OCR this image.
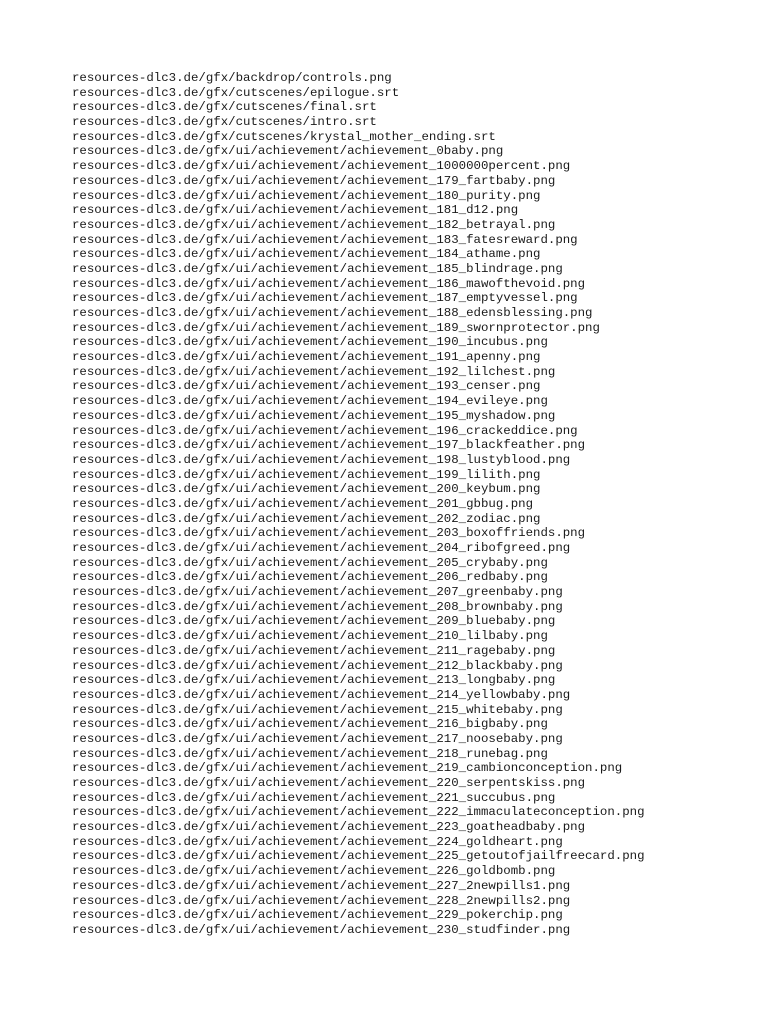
resources-dlc3.de/gfx/backdrop/controls.png
resources-dlc3.de/gfx/cutscenes/epilogue.srt
resources-dlc3.de/gfx/cutscenes/final.srt
resources-dlc3.de/gfx/cutscenes/intro.srt
resources-dlc3.de/gfx/cutscenes/krystal_mother_ending.srt
resources-dlc3.de/gfx/ui/achievement/achievement_0baby.png
resources-dlc3.de/gfx/ui/achievement/achievement_1000000percent.png
resources-dlc3.de/gfx/ui/achievement/achievement_179_fartbaby.png
resources-dlc3.de/gfx/ui/achievement/achievement_180_purity.png
resources-dlc3.de/gfx/ui/achievement/achievement_181_d12.png
resources-dlc3.de/gfx/ui/achievement/achievement_182_betrayal.png
resources-dlc3.de/gfx/ui/achievement/achievement_183_fatesreward.png
resources-dlc3.de/gfx/ui/achievement/achievement_184_athame.png
resources-dlc3.de/gfx/ui/achievement/achievement_185_blindrage.png
resources-dlc3.de/gfx/ui/achievement/achievement_186_mawofthevoid.png
resources-dlc3.de/gfx/ui/achievement/achievement_187_emptyvessel.png
resources-dlc3.de/gfx/ui/achievement/achievement_188_edensblessing.png
resources-dlc3.de/gfx/ui/achievement/achievement_189_swornprotector.png
resources-dlc3.de/gfx/ui/achievement/achievement_190_incubus.png
resources-dlc3.de/gfx/ui/achievement/achievement_191_apenny.png
resources-dlc3.de/gfx/ui/achievement/achievement_192_lilchest.png
resources-dlc3.de/gfx/ui/achievement/achievement_193_censer.png
resources-dlc3.de/gfx/ui/achievement/achievement_194_evileye.png
resources-dlc3.de/gfx/ui/achievement/achievement_195_myshadow.png
resources-dlc3.de/gfx/ui/achievement/achievement_196_crackeddice.png
resources-dlc3.de/gfx/ui/achievement/achievement_197_blackfeather.png
resources-dlc3.de/gfx/ui/achievement/achievement_198_lustyblood.png
resources-dlc3.de/gfx/ui/achievement/achievement_199_lilith.png
resources-dlc3.de/gfx/ui/achievement/achievement_200_keybum.png
resources-dlc3.de/gfx/ui/achievement/achievement_201_gbbug.png
resources-dlc3.de/gfx/ui/achievement/achievement_202_zodiac.png
resources-dlc3.de/gfx/ui/achievement/achievement_203_boxoffriends.png
resources-dlc3.de/gfx/ui/achievement/achievement_204_ribofgreed.png
resources-dlc3.de/gfx/ui/achievement/achievement_205_crybaby.png
resources-dlc3.de/gfx/ui/achievement/achievement_206_redbaby.png
resources-dlc3.de/gfx/ui/achievement/achievement_207_greenbaby.png
resources-dlc3.de/gfx/ui/achievement/achievement_208_brownbaby.png
resources-dlc3.de/gfx/ui/achievement/achievement_209_bluebaby.png
resources-dlc3.de/gfx/ui/achievement/achievement_210_lilbaby.png
resources-dlc3.de/gfx/ui/achievement/achievement_211_ragebaby.png
resources-dlc3.de/gfx/ui/achievement/achievement_212_blackbaby.png
resources-dlc3.de/gfx/ui/achievement/achievement_213_longbaby.png
resources-dlc3.de/gfx/ui/achievement/achievement_214_yellowbaby.png
resources-dlc3.de/gfx/ui/achievement/achievement_215_whitebaby.png
resources-dlc3.de/gfx/ui/achievement/achievement_216_bigbaby.png
resources-dlc3.de/gfx/ui/achievement/achievement_217_noosebaby.png
resources-dlc3.de/gfx/ui/achievement/achievement_218_runebag.png
resources-dlc3.de/gfx/ui/achievement/achievement_219_cambionconception.png
resources-dlc3.de/gfx/ui/achievement/achievement_220_serpentskiss.png
resources-dlc3.de/gfx/ui/achievement/achievement_221_succubus.png
resources-dlc3.de/gfx/ui/achievement/achievement_222_immaculateconception.png
resources-dlc3.de/gfx/ui/achievement/achievement_223_goatheadbaby.png
resources-dlc3.de/gfx/ui/achievement/achievement_224_goldheart.png
resources-dlc3.de/gfx/ui/achievement/achievement_225_getoutofjailfreecard.png
resources-dlc3.de/gfx/ui/achievement/achievement_226_goldbomb.png
resources-dlc3.de/gfx/ui/achievement/achievement_227_2newpills1.png
resources-dlc3.de/gfx/ui/achievement/achievement_228_2newpills2.png
resources-dlc3.de/gfx/ui/achievement/achievement_229_pokerchip.png
resources-dlc3.de/gfx/ui/achievement/achievement_230_studfinder.png
